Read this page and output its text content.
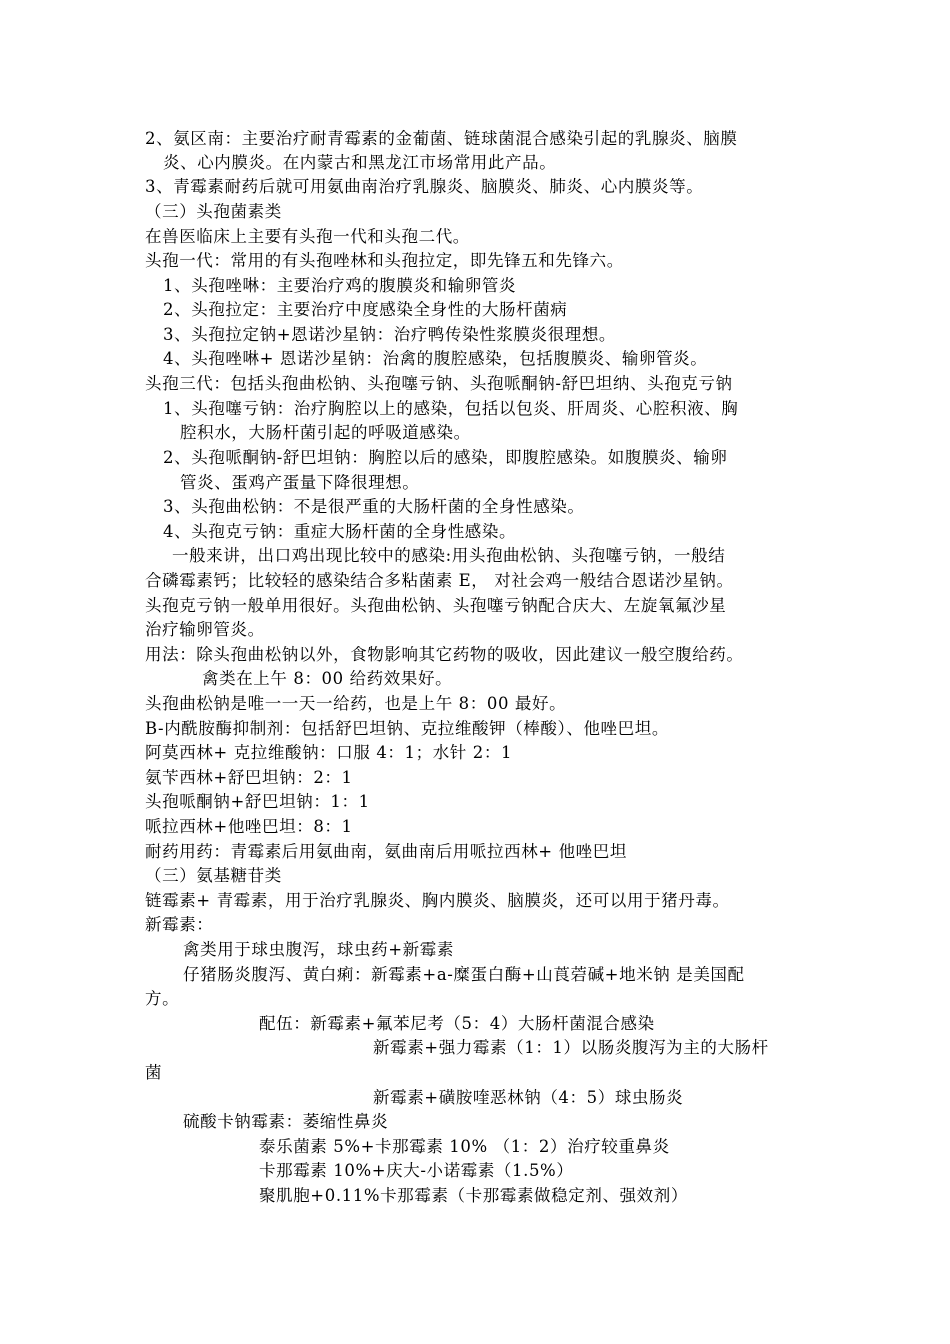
2、氨区南：主要治疗耐青霉素的金葡菌、链球菌混合感染引起的乳腺炎、脑膜
炎、心内膜炎。在内蒙古和黑龙江市场常用此产品。
3、青霉素耐药后就可用氨曲南治疗乳腺炎、脑膜炎、肺炎、心内膜炎等。
（三）头孢菌素类
在兽医临床上主要有头孢一代和头孢二代。
头孢一代：常用的有头孢唑林和头孢拉定，即先锋五和先锋六。
1、头孢唑啉：主要治疗鸡的腹膜炎和输卵管炎
2、头孢拉定：主要治疗中度感染全身性的大肠杆菌病
3、头孢拉定钠+恩诺沙星钠：治疗鸭传染性浆膜炎很理想。
4、头孢唑啉+ 恩诺沙星钠：治禽的腹腔感染，包括腹膜炎、输卵管炎。
头孢三代：包括头孢曲松钠、头孢噻亏钠、头孢哌酮钠-舒巴坦纳、头孢克亏钠
1、头孢噻亏钠：治疗胸腔以上的感染，包括以包炎、肝周炎、心腔积液、胸
腔积水，大肠杆菌引起的呼吸道感染。
2、头孢哌酮钠-舒巴坦钠：胸腔以后的感染，即腹腔感染。如腹膜炎、输卵
管炎、蛋鸡产蛋量下降很理想。
3、头孢曲松钠：不是很严重的大肠杆菌的全身性感染。
4、头孢克亏钠：重症大肠杆菌的全身性感染。
一般来讲，出口鸡出现比较中的感染:用头孢曲松钠、头孢噻亏钠，一般结
合磷霉素钙；比较轻的感染结合多粘菌素 E， 对社会鸡一般结合恩诺沙星钠。
头孢克亏钠一般单用很好。头孢曲松钠、头孢噻亏钠配合庆大、左旋氧氟沙星
治疗输卵管炎。
用法：除头孢曲松钠以外，食物影响其它药物的吸收，因此建议一般空腹给药。
禽类在上午 8：00 给药效果好。
头孢曲松钠是唯一一天一给药，也是上午 8：00 最好。
B-内酰胺酶抑制剂：包括舒巴坦钠、克拉维酸钾（棒酸）、他唑巴坦。
阿莫西林+ 克拉维酸钠：口服 4：1；水针 2：1
氨苄西林+舒巴坦钠：2：1
头孢哌酮钠+舒巴坦钠：1：1
哌拉西林+他唑巴坦：8：1
耐药用药：青霉素后用氨曲南，氨曲南后用哌拉西林+ 他唑巴坦
（三）氨基糖苷类
链霉素+ 青霉素，用于治疗乳腺炎、胸内膜炎、脑膜炎，还可以用于猪丹毒。
新霉素：
禽类用于球虫腹泻，球虫药+新霉素
仔猪肠炎腹泻、黄白痢：新霉素+a-糜蛋白酶+山莨菪碱+地米钠 是美国配
方。
配伍：新霉素+氟苯尼考（5：4）大肠杆菌混合感染
新霉素+强力霉素（1：1）以肠炎腹泻为主的大肠杆
菌
新霉素+磺胺喹恶林钠（4：5）球虫肠炎
硫酸卡钠霉素：萎缩性鼻炎
泰乐菌素 5%+卡那霉素 10% （1：2）治疗较重鼻炎
卡那霉素 10%+庆大-小诺霉素（1.5%）
聚肌胞+0.11%卡那霉素（卡那霉素做稳定剂、强效剂）
